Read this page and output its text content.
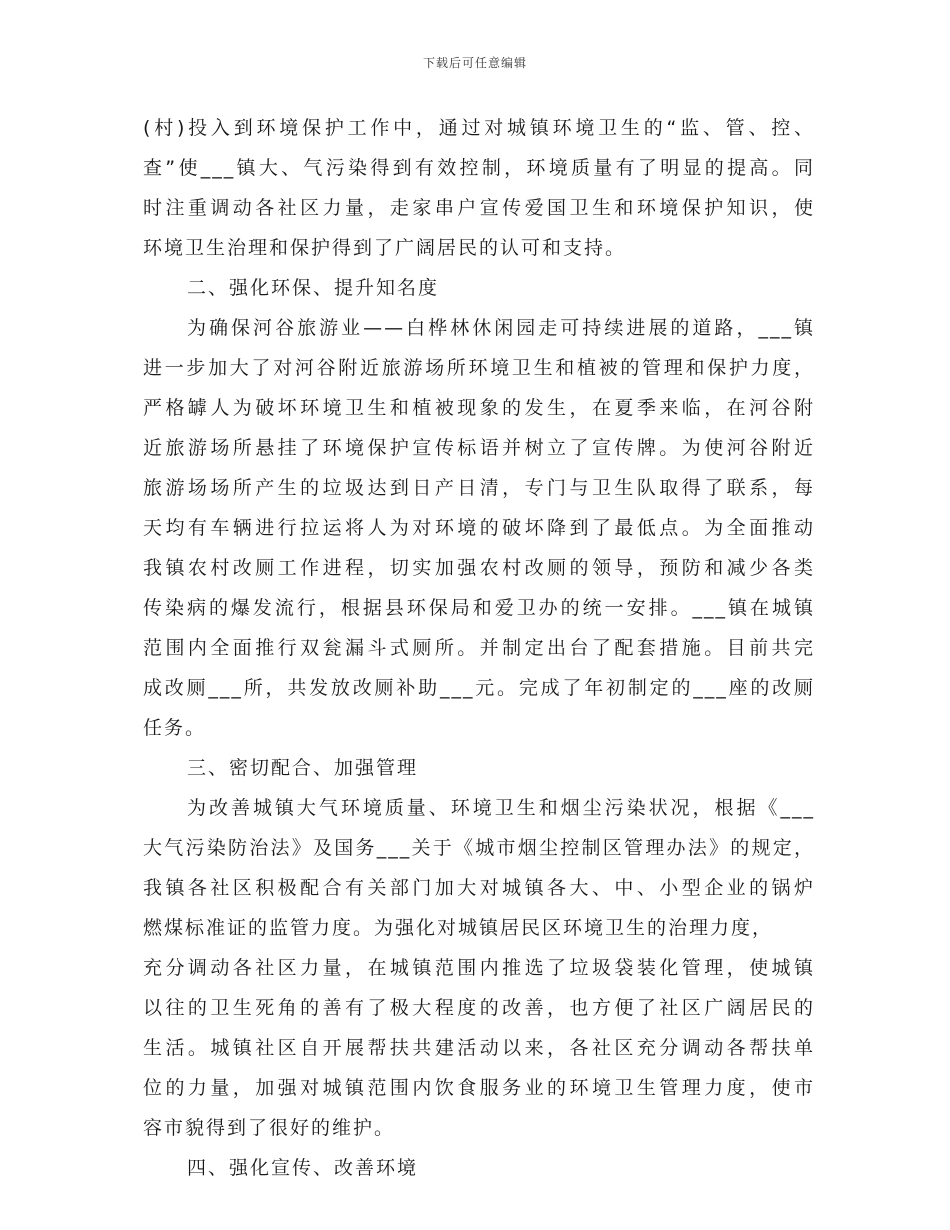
下载后可任意编辑
(村)投入到环境保护工作中，通过对城镇环境卫生的“监、管、控、
查”使___镇大、气污染得到有效控制，环境质量有了明显的提高。同
时注重调动各社区力量，走家串户宣传爱国卫生和环境保护知识，使
环境卫生治理和保护得到了广阔居民的认可和支持。
二、强化环保、提升知名度
为确保河谷旅游业——白桦林休闲园走可持续进展的道路，___镇
进一步加大了对河谷附近旅游场所环境卫生和植被的管理和保护力度，
严格罅人为破坏环境卫生和植被现象的发生，在夏季来临，在河谷附
近旅游场所悬挂了环境保护宣传标语并树立了宣传牌。为使河谷附近
旅游场场所产生的垃圾达到日产日清，专门与卫生队取得了联系，每
天均有车辆进行拉运将人为对环境的破坏降到了最低点。为全面推动
我镇农村改厕工作进程，切实加强农村改厕的领导，预防和减少各类
传染病的爆发流行，根据县环保局和爱卫办的统一安排。___镇在城镇
范围内全面推行双瓮漏斗式厕所。并制定出台了配套措施。目前共完
成改厕___所，共发放改厕补助___元。完成了年初制定的___座的改厕
任务。
三、密切配合、加强管理
为改善城镇大气环境质量、环境卫生和烟尘污染状况，根据《___
大气污染防治法》及国务___关于《城市烟尘控制区管理办法》的规定，
我镇各社区积极配合有关部门加大对城镇各大、中、小型企业的锅炉
燃煤标准证的监管力度。为强化对城镇居民区环境卫生的治理力度，
充分调动各社区力量，在城镇范围内推选了垃圾袋装化管理，使城镇
以往的卫生死角的善有了极大程度的改善，也方便了社区广阔居民的
生活。城镇社区自开展帮扶共建活动以来，各社区充分调动各帮扶单
位的力量，加强对城镇范围内饮食服务业的环境卫生管理力度，使市
容市貌得到了很好的维护。
四、强化宣传、改善环境
